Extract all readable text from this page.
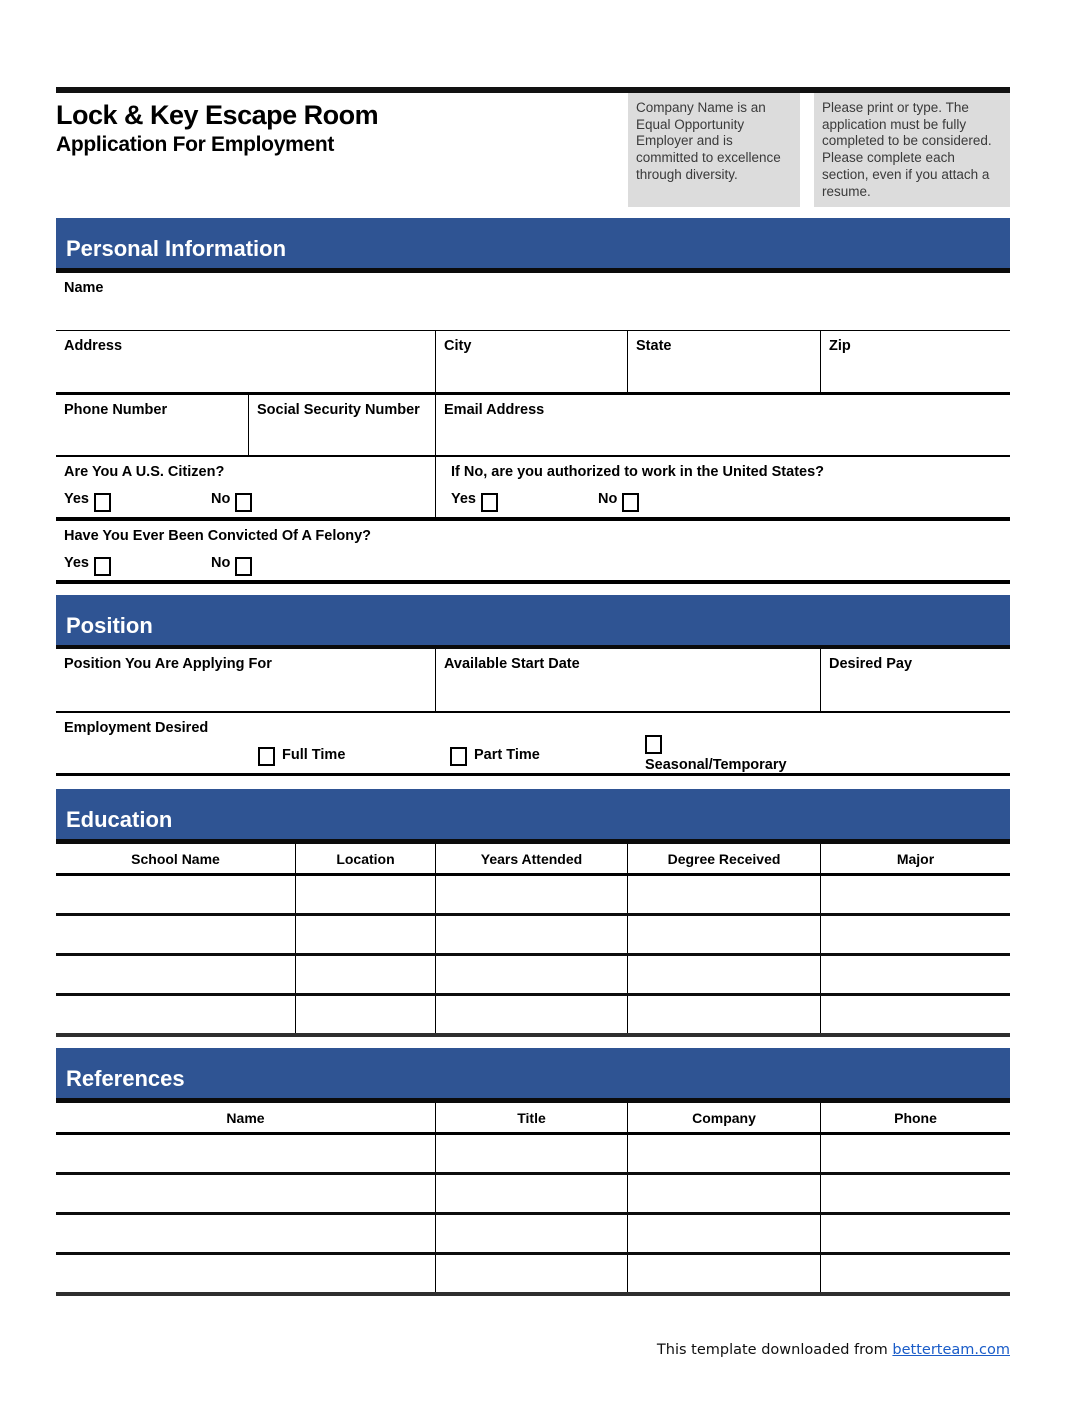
Lock & Key Escape Room
Application For Employment
Company Name is an Equal Opportunity Employer and is committed to excellence through diversity.
Please print or type. The application must be fully completed to be considered. Please complete each section, even if you attach a resume.
Personal Information
Name
Address	City	State	Zip
Phone Number	Social Security Number	Email Address
Are You A U.S. Citizen?
Yes	No
If No, are you authorized to work in the United States?
Yes	No
Have You Ever Been Convicted Of A Felony?
Yes	No
Position
Position You Are Applying For	Available Start Date	Desired Pay
Employment Desired
Full Time	Part Time
Seasonal/Temporary
Education
School Name	Location	Years Attended	Degree Received	Major
References
Name	Title	Company	Phone
This template downloaded from betterteam.com
